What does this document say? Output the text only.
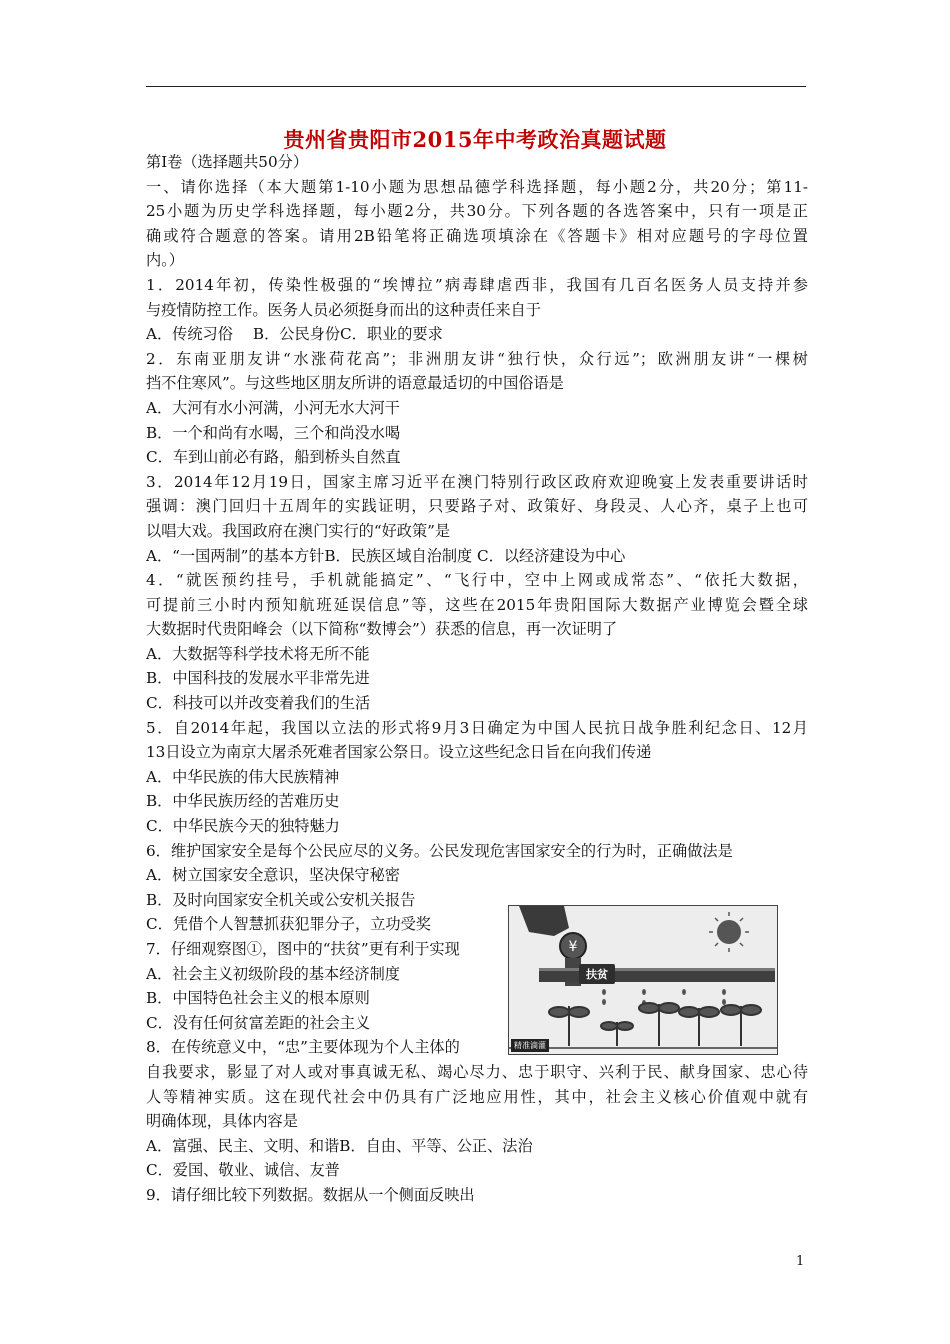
贵州省贵阳市2015年中考政治真题试题
第Ⅰ卷（选择题共50分）
一、请你选择（本大题第1-10小题为思想品德学科选择题，每小题2分，共20分；第11-
25小题为历史学科选择题，每小题2分，共30分。下列各题的各选答案中，只有一项是正
确或符合题意的答案。请用2B铅笔将正确选项填涂在《答题卡》相对应题号的字母位置
内。）
1．2014年初，传染性极强的“埃博拉”病毒肆虐西非，我国有几百名医务人员支持并参
与疫情防控工作。医务人员必须挺身而出的这种责任来自于
A．传统习俗　 B．公民身份C．职业的要求
2．东南亚朋友讲“水涨荷花高”；非洲朋友讲“独行快，众行远”；欧洲朋友讲“一棵树
挡不住寒风”。与这些地区朋友所讲的语意最适切的中国俗语是
A．大河有水小河满，小河无水大河干
B．一个和尚有水喝，三个和尚没水喝
C．车到山前必有路，船到桥头自然直
3．2014年12月19日，国家主席习近平在澳门特别行政区政府欢迎晚宴上发表重要讲话时
强调：澳门回归十五周年的实践证明，只要路子对、政策好、身段灵、人心齐，桌子上也可
以唱大戏。我国政府在澳门实行的“好政策”是
A．“一国两制”的基本方针B．民族区域自治制度 C．以经济建设为中心
4．“就医预约挂号，手机就能搞定”、“飞行中，空中上网或成常态”、“依托大数据，
可提前三小时内预知航班延误信息”等，这些在2015年贵阳国际大数据产业博览会暨全球
大数据时代贵阳峰会（以下简称“数博会”）获悉的信息，再一次证明了
A．大数据等科学技术将无所不能
B．中国科技的发展水平非常先进
C．科技可以并改变着我们的生活
5．自2014年起，我国以立法的形式将9月3日确定为中国人民抗日战争胜利纪念日、12月
13日设立为南京大屠杀死难者国家公祭日。设立这些纪念日旨在向我们传递
A．中华民族的伟大民族精神
B．中华民族历经的苦难历史
C．中华民族今天的独特魅力
6．维护国家安全是每个公民应尽的义务。公民发现危害国家安全的行为时，正确做法是
A．树立国家安全意识，坚决保守秘密
B．及时向国家安全机关或公安机关报告
C．凭借个人智慧抓获犯罪分子，立功受奖
7．仔细观察图①，图中的“扶贫”更有利于实现
A．社会主义初级阶段的基本经济制度
B．中国特色社会主义的根本原则
C．没有任何贫富差距的社会主义
8．在传统意义中，“忠”主要体现为个人主体的
自我要求，影显了对人或对事真诚无私、竭心尽力、忠于职守、兴利于民、献身国家、忠心待
人等精神实质。这在现代社会中仍具有广泛地应用性，其中，社会主义核心价值观中就有
明确体现，具体内容是
A．富强、民主、文明、和谐B．自由、平等、公正、法治
C．爱国、敬业、诚信、友普
9．请仔细比较下列数据。数据从一个侧面反映出
¥
扶贫
精准滴灌
1
